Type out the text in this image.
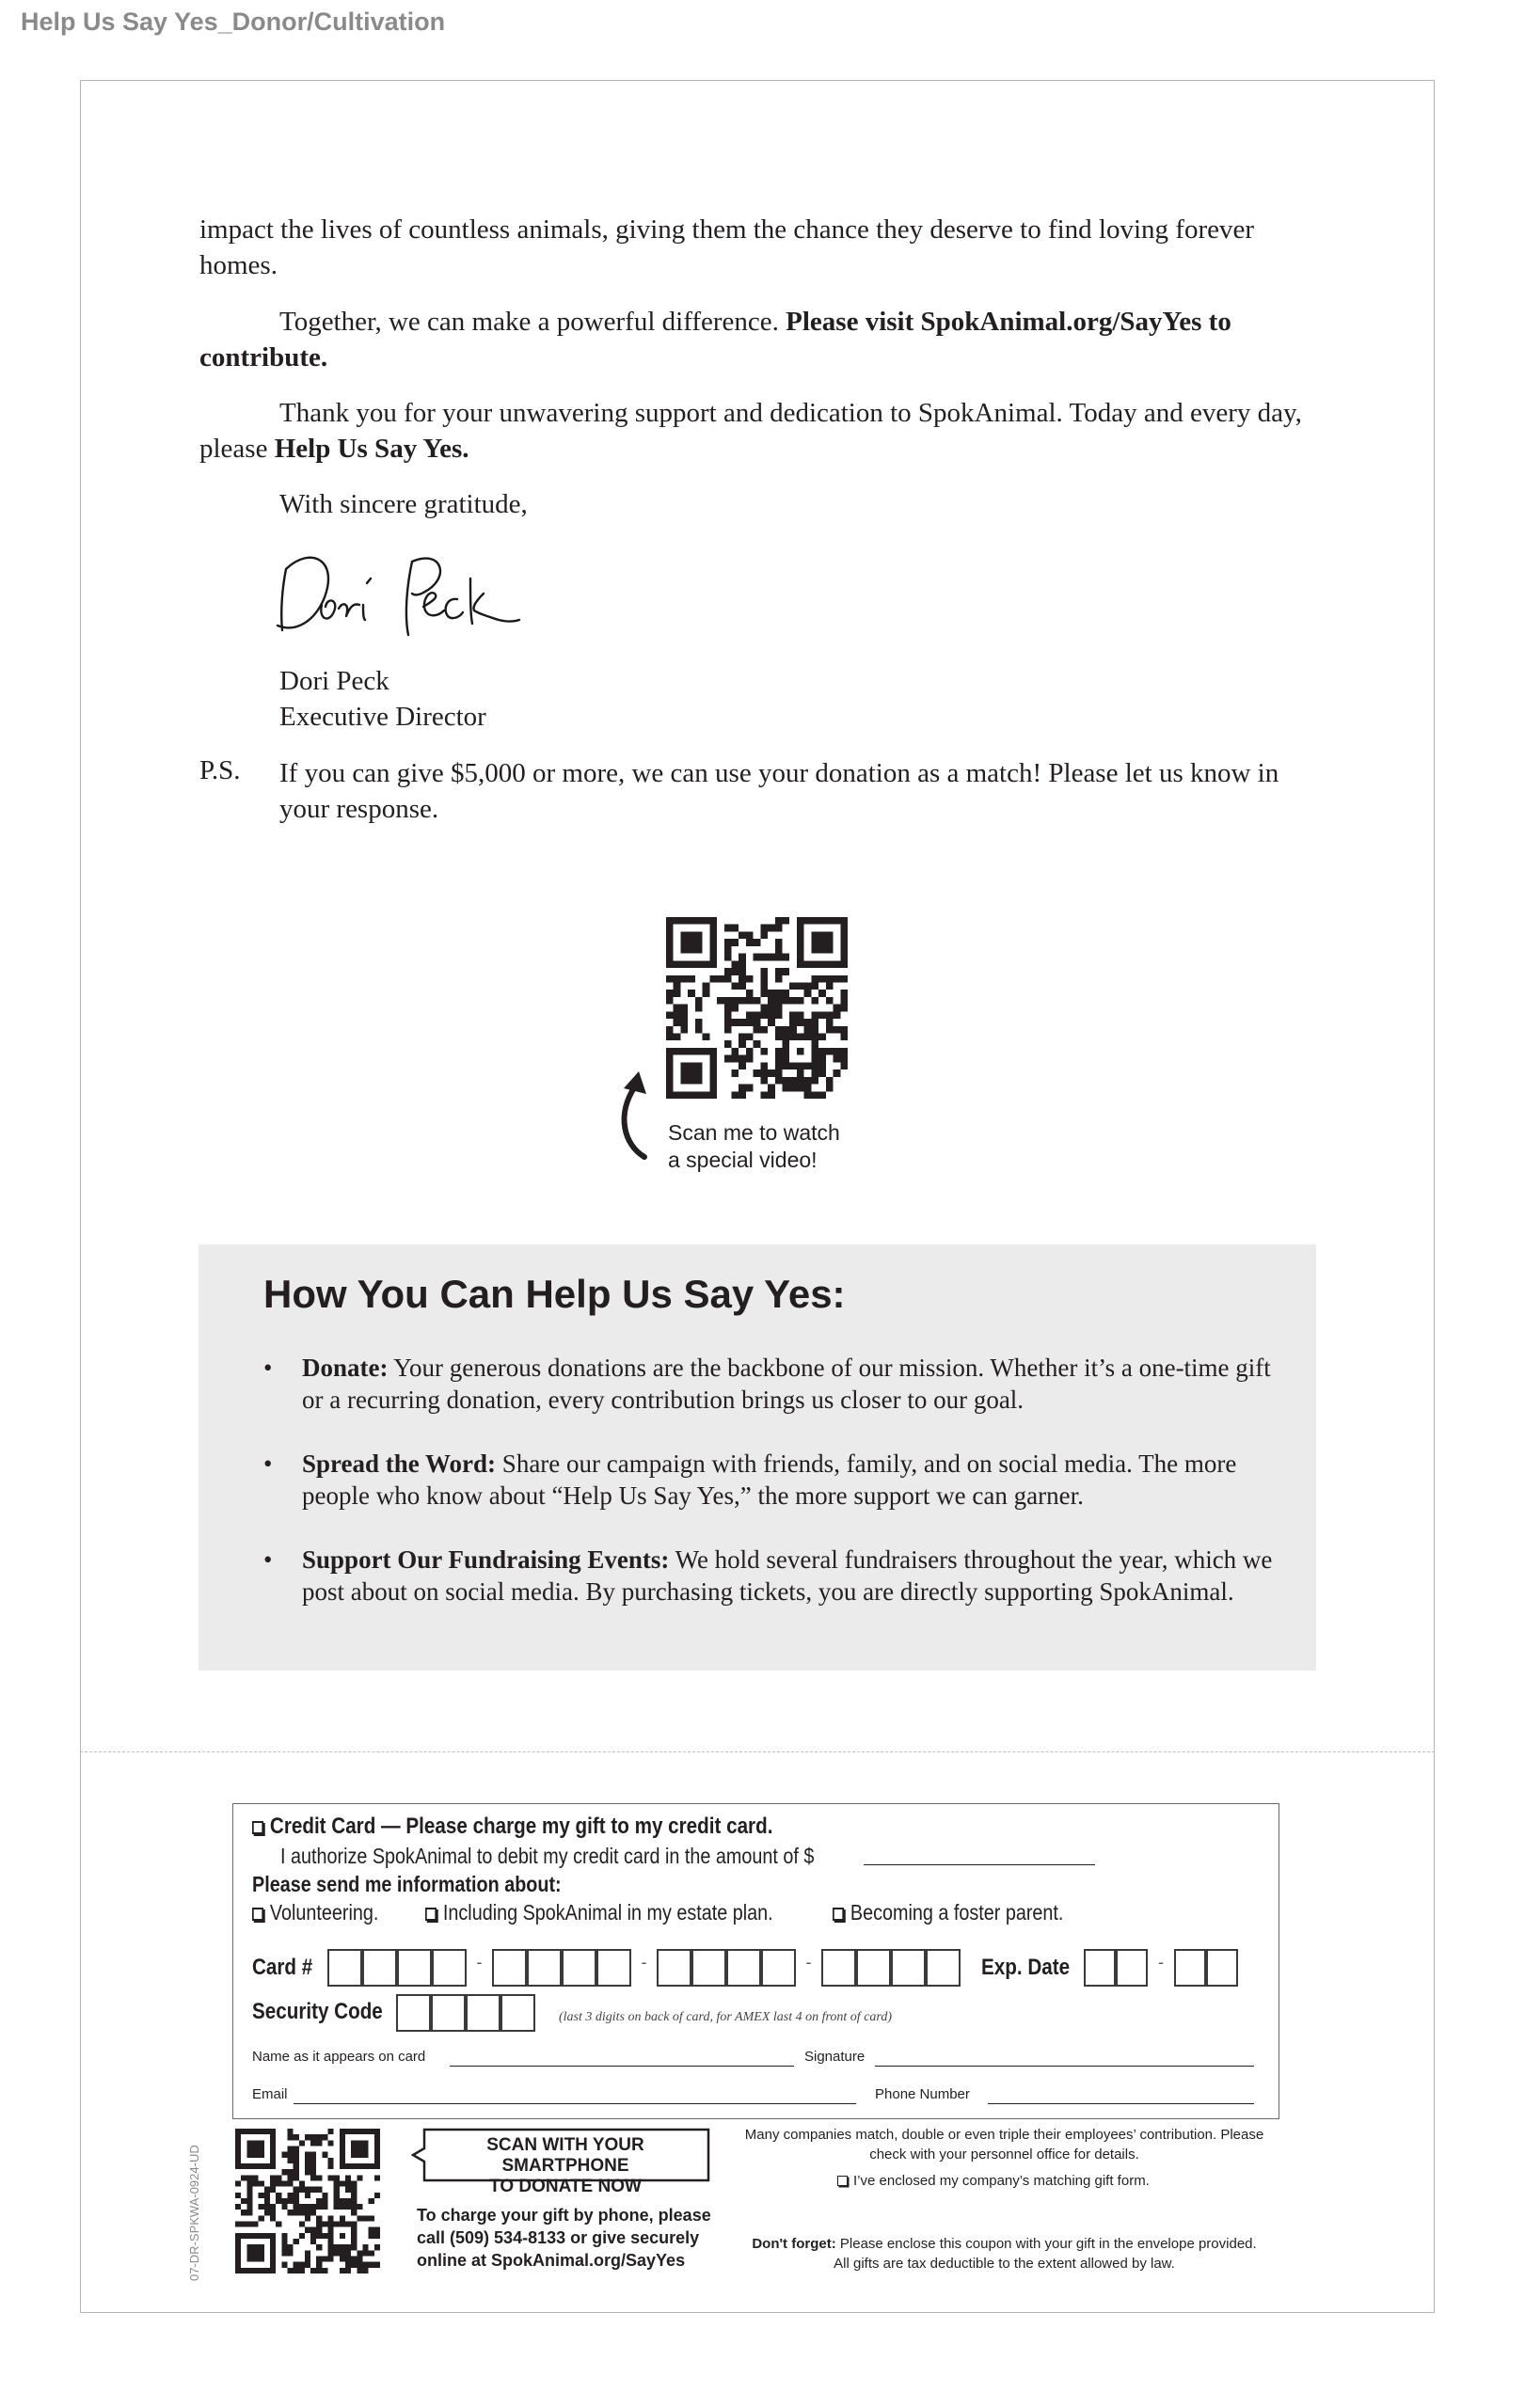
Help Us Say Yes_Donor/Cultivation
impact the lives of countless animals, giving them the chance they deserve to find loving forever homes.
Together, we can make a powerful difference. Please visit SpokAnimal.org/SayYes to contribute.
Thank you for your unwavering support and dedication to SpokAnimal. Today and every day, please Help Us Say Yes.
With sincere gratitude,
Dori Peck
Executive Director
P.S. If you can give $5,000 or more, we can use your donation as a match! Please let us know in your response.
Scan me to watch
a special video!
How You Can Help Us Say Yes:
• Donate: Your generous donations are the backbone of our mission. Whether it’s a one-time gift or a recurring donation, every contribution brings us closer to our goal.
• Spread the Word: Share our campaign with friends, family, and on social media. The more people who know about “Help Us Say Yes,” the more support we can garner.
• Support Our Fundraising Events: We hold several fundraisers throughout the year, which we post about on social media. By purchasing tickets, you are directly supporting SpokAnimal.
Credit Card — Please charge my gift to my credit card.
I authorize SpokAnimal to debit my credit card in the amount of $
Please send me information about:
Volunteering.	Including SpokAnimal in my estate plan.	Becoming a foster parent.
Card #	Exp. Date
Security Code	(last 3 digits on back of card, for AMEX last 4 on front of card)
Name as it appears on card	Signature
Email	Phone Number
07-DR-SPKWA-0924-UD	SCAN WITH YOUR SMARTPHONE
TO DONATE NOW
To charge your gift by phone, please call (509) 534-8133 or give securely online at SpokAnimal.org/SayYes
Many companies match, double or even triple their employees’ contribution. Please check with your personnel office for details.
I’ve enclosed my company’s matching gift form.
Don't forget: Please enclose this coupon with your gift in the envelope provided.
All gifts are tax deductible to the extent allowed by law.
-	-	-	-
